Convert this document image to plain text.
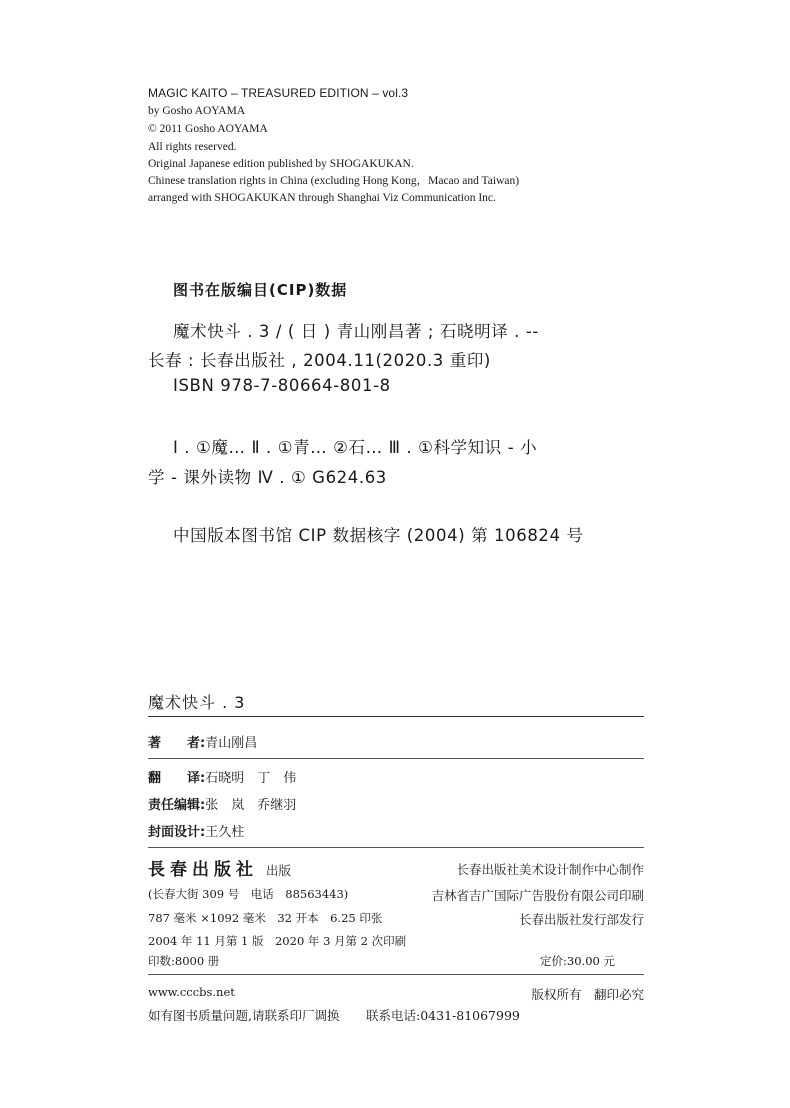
MAGIC KAITO – TREASURED EDITION – vol.3
by Gosho AOYAMA
© 2011 Gosho AOYAMA
All rights reserved.
Original Japanese edition published by SHOGAKUKAN.
Chinese translation rights in China (excluding Hong Kong，Macao and Taiwan)
arranged with SHOGAKUKAN through Shanghai Viz Communication Inc.
图书在版编目(CIP)数据
魔术快斗 . 3 / ( 日 ) 青山刚昌著 ; 石晓明译 . --
长春 : 长春出版社 , 2004.11(2020.3 重印)
ISBN 978-7-80664-801-8
Ⅰ . ①魔… Ⅱ . ①青… ②石… Ⅲ . ①科学知识 - 小
学 - 课外读物 Ⅳ . ① G624.63
中国版本图书馆 CIP 数据核字 (2004) 第 106824 号
魔术快斗 . 3
著　　者:青山刚昌
翻　　译:石晓明　丁　伟
责任编辑:张　岚　乔继羽
封面设计:王久柱
長春出版社 出版	长春出版社美术设计制作中心制作
(长春大街 309 号　电话　88563443)	吉林省吉广国际广告股份有限公司印刷
787 毫米 ×1092 毫米　32 开本　6.25 印张	长春出版社发行部发行
2004 年 11 月第 1 版　2020 年 3 月第 2 次印刷
印数:8000 册	定价:30.00 元
www.cccbs.net	版权所有　翻印必究
如有图书质量问题,请联系印厂调换 联系电话:0431-81067999
